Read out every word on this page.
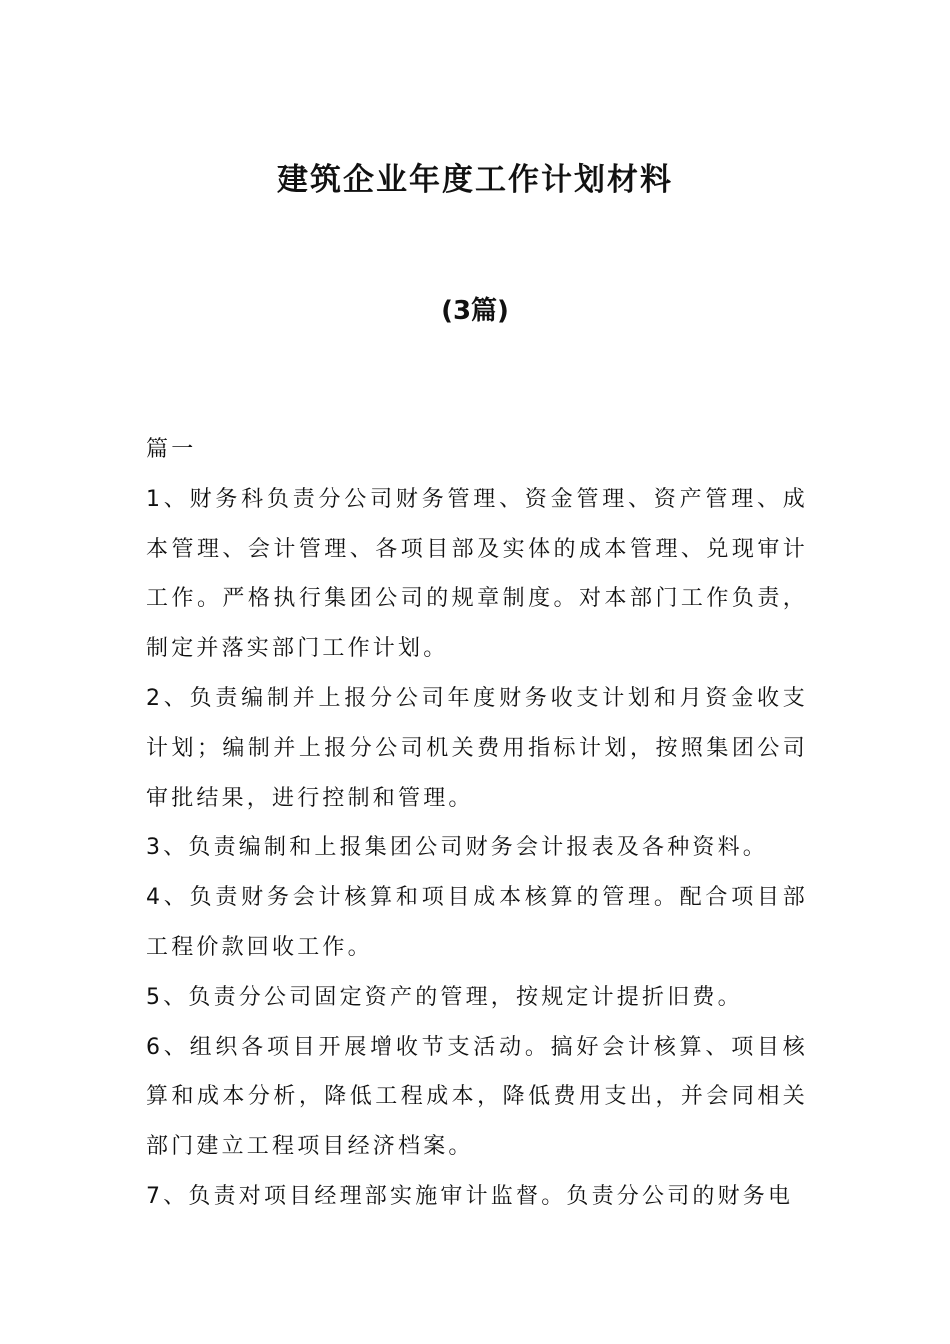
建筑企业年度工作计划材料
(3篇)

篇一

1、财务科负责分公司财务管理、资金管理、资产管理、成本管理、会计管理、各项目部及实体的成本管理、兑现审计工作。严格执行集团公司的规章制度。对本部门工作负责，制定并落实部门工作计划。

2、负责编制并上报分公司年度财务收支计划和月资金收支计划；编制并上报分公司机关费用指标计划，按照集团公司审批结果，进行控制和管理。

3、负责编制和上报集团公司财务会计报表及各种资料。

4、负责财务会计核算和项目成本核算的管理。配合项目部工程价款回收工作。

5、负责分公司固定资产的管理，按规定计提折旧费。

6、组织各项目开展增收节支活动。搞好会计核算、项目核算和成本分析，降低工程成本，降低费用支出，并会同相关部门建立工程项目经济档案。

7、负责对项目经理部实施审计监督。负责分公司的财务电
